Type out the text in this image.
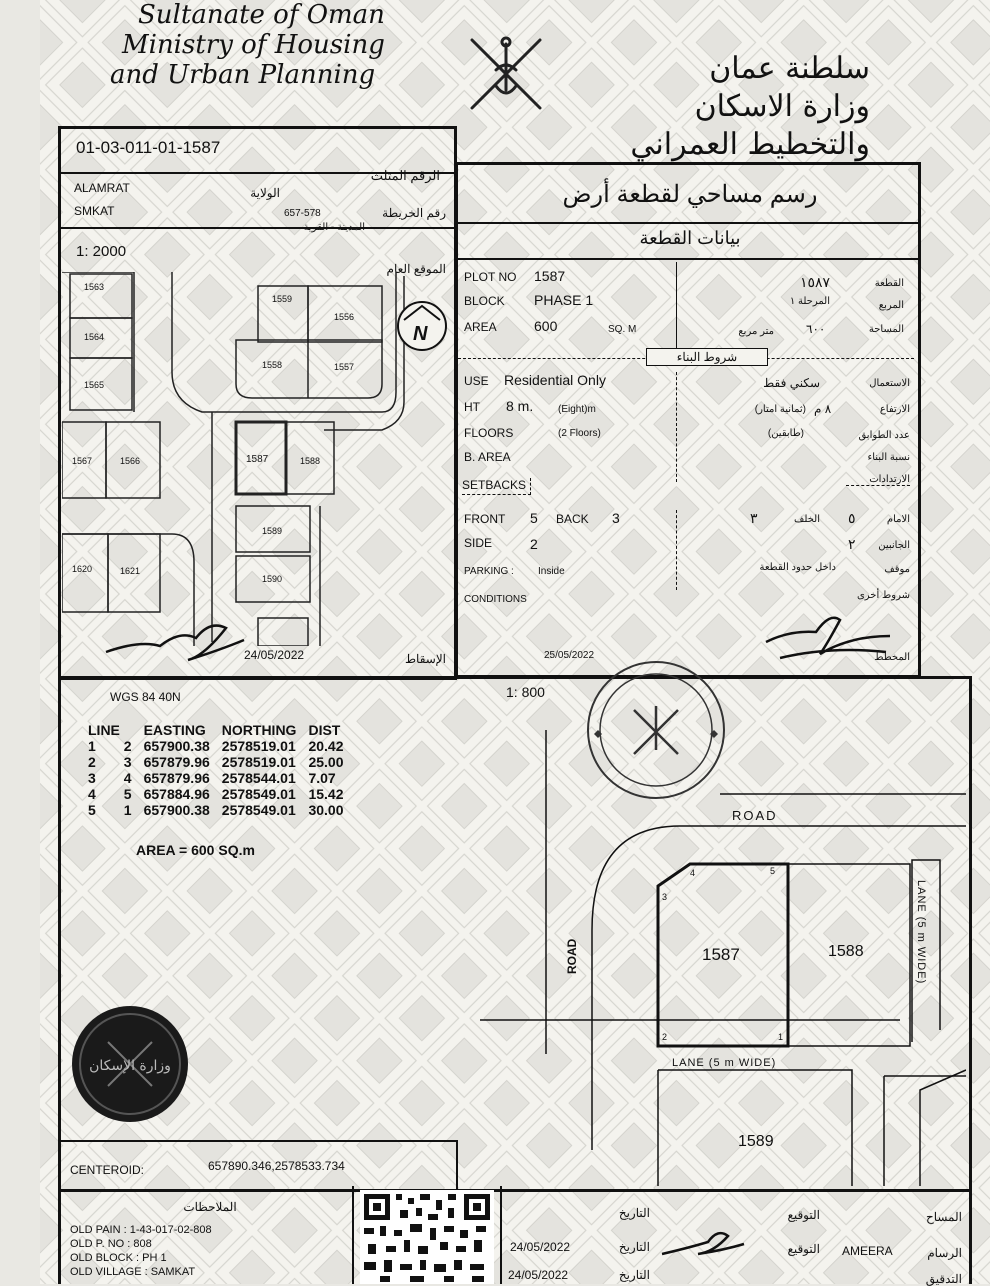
Sultanate of Oman
Ministry of Housing
and Urban Planning	سلطنة عمان
وزارة الاسكان
والتخطيط العمراني
01-03-011-01-1587
الرقم المثلث
ALAMRAT	الولاية
رقم الخريطة
657-578
SMKAT
المدينة - القرية
1: 2000
الموقع العام
1563
1564
1565
1567	1566
1559
1556
1558	1557
1587	1588
1589
1590
1620	1621
N
24/05/2022	الإسقاط
رسم مساحي لقطعة أرض
بيانات القطعة
PLOT NO 1587
BLOCK PHASE 1
AREA	600	SQ. M
١٥٨٧	القطعة
المرحلة ١	المربع
متر مربع	٦٠٠	المساحة
شروط البناء
USE Residential Only	سكني فقط	الاستعمال
HT 8 m. (Eight)m	(ثمانية امتار) ٨ م	الارتفاع
FLOORS	(2 Floors)	(طابقين)	عدد الطوابق
B. AREA	نسبة البناء
SETBACKS	الارتدادات
FRONT 5 BACK 3	٣	الخلف ٥	الامام
SIDE	2	٢	الجانبين
PARKING : Inside	داخل حدود القطعة	موقف
CONDITIONS	شروط أخرى
25/05/2022	المخطط
WGS 84 40N	1: 800
LINE		EASTING	NORTHING	DIST
1	2	657900.38	2578519.01	20.42
2	3	657879.96	2578519.01	25.00
3	4	657879.96	2578544.01	7.07
4	5	657884.96	2578549.01	15.42
5	1	657900.38	2578549.01	30.00
AREA = 600 SQ.m
1
2
3
4	5
ROAD
1587	1588
1589
LANE (5 m WIDE)
ROAD	LANE (5 m WIDE)
وزارة الإسكان
CENTEROID:	657890.346,2578533.734
الملاحظات
OLD PAIN : 1-43-017-02-808
OLD P. NO : 808
OLD BLOCK : PH 1
OLD VILLAGE : SAMKAT
التاريخ	التوقيع	المساح
24/05/2022	التاريخ	التوقيع AMEERA	الرسام
24/05/2022	التاريخ	التدقيق
